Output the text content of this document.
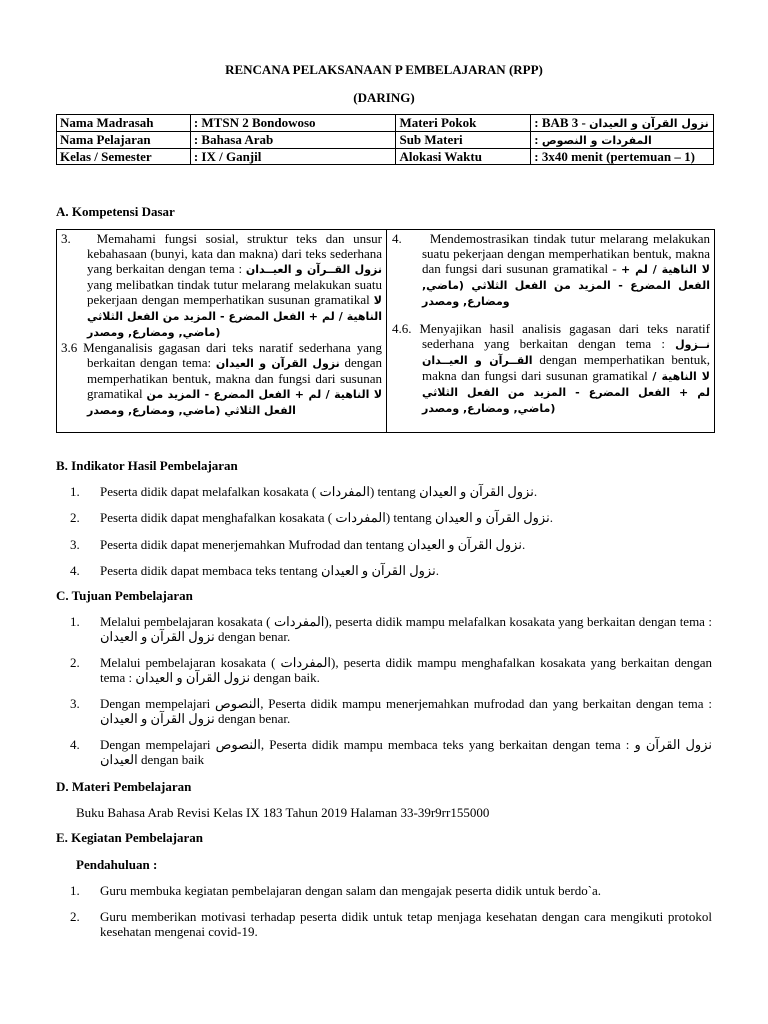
RENCANA PELAKSANAAN P EMBELAJARAN (RPP)
(DARING)
Nama Madrasah	: MTSN 2 Bondowoso	Materi Pokok	: BAB 3 - نزول القرآن و العيدان
Nama Pelajaran	: Bahasa Arab	Sub Materi	: المفردات و النصوص
Kelas / Semester	: IX / Ganjil	Alokasi Waktu	: 3x40 menit (pertemuan – 1)
A. Kompetensi Dasar
3. Memahami fungsi sosial, struktur teks dan unsur kebahasaan (bunyi, kata dan makna) dari teks sederhana yang berkaitan dengan tema : نزول القــرآن و العيــدان yang melibatkan tindak tutur melarang melakukan suatu pekerjaan dengan memperhatikan susunan gramatikal لا الناهية / لم + الفعل المضرع - المزيد من الفعل الثلاثي (ماضي, ومضارع, ومصدر
3.6 Menganalisis gagasan dari teks naratif sederhana yang berkaitan dengan tema: نزول القرآن و العيدان dengan memperhatikan bentuk, makna dan fungsi dari susunan gramatikal لا الناهية / لم + الفعل المضرع - المزيد من الفعل الثلاثي (ماضي, ومضارع, ومصدر
4. Mendemostrasikan tindak tutur melarang melakukan suatu pekerjaan dengan memperhatikan bentuk, makna dan fungsi dari susunan gramatikal - لا الناهية / لم + الفعل المضرع - المزيد من الفعل الثلاثي (ماضي, ومضارع, ومصدر
4.6. Menyajikan hasil analisis gagasan dari teks naratif sederhana yang berkaitan dengan tema : نــزول القــرآن و العيــدان dengan memperhatikan bentuk, makna dan fungsi dari susunan gramatikal لا الناهية / لم + الفعل المضرع - المزيد من الفعل الثلاثي (ماضي, ومضارع, ومصدر
B. Indikator Hasil Pembelajaran
1. Peserta didik dapat melafalkan kosakata ( المفردات) tentang نزول القرآن و العيدان.
2. Peserta didik dapat menghafalkan kosakata ( المفردات) tentang نزول القرآن و العيدان.
3. Peserta didik dapat menerjemahkan Mufrodad dan tentang نزول القرآن و العيدان.
4. Peserta didik dapat membaca teks tentang نزول القرآن و العيدان.
C. Tujuan Pembelajaran
1. Melalui pembelajaran kosakata ( المفردات), peserta didik mampu melafalkan kosakata yang berkaitan dengan tema : نزول القرآن و العيدان dengan benar.
2. Melalui pembelajaran kosakata ( المفردات), peserta didik mampu menghafalkan kosakata yang berkaitan dengan tema : نزول القرآن و العيدان dengan baik.
3. Dengan mempelajari النصوص, Peserta didik mampu menerjemahkan mufrodad dan yang berkaitan dengan tema : نزول القرآن و العيدان dengan benar.
4. Dengan mempelajari النصوص, Peserta didik mampu membaca teks yang berkaitan dengan tema : نزول القرآن و العيدان dengan baik
D. Materi Pembelajaran
Buku Bahasa Arab Revisi Kelas IX 183 Tahun 2019 Halaman 33-39r9rr155000
E. Kegiatan Pembelajaran
Pendahuluan :
1. Guru membuka kegiatan pembelajaran dengan salam dan mengajak peserta didik untuk berdo`a.
2. Guru memberikan motivasi terhadap peserta didik untuk tetap menjaga kesehatan dengan cara mengikuti protokol kesehatan mengenai covid-19.
